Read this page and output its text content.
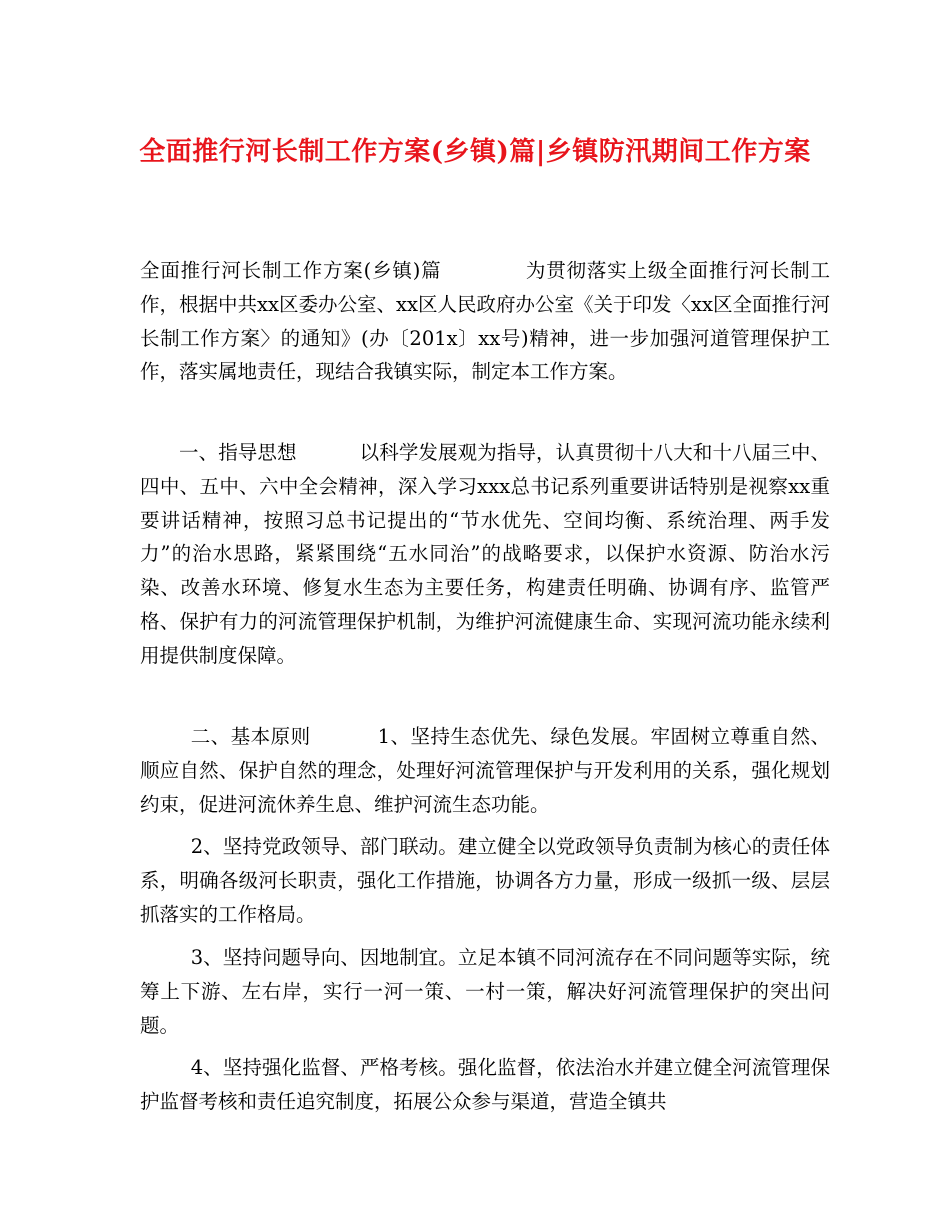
全面推行河长制工作方案(乡镇)篇|乡镇防汛期间工作方案
全面推行河长制工作方案(乡镇)篇            为贯彻落实上级全面推行河长制工作，根据中共xx区委办公室、xx区人民政府办公室《关于印发〈xx区全面推行河长制工作方案〉的通知》(办〔201x〕xx号)精神，进一步加强河道管理保护工作，落实属地责任，现结合我镇实际，制定本工作方案。
一、指导思想          以科学发展观为指导，认真贯彻十八大和十八届三中、四中、五中、六中全会精神，深入学习xxx总书记系列重要讲话特别是视察xx重要讲话精神，按照习总书记提出的“节水优先、空间均衡、系统治理、两手发力”的治水思路，紧紧围绕“五水同治”的战略要求，以保护水资源、防治水污染、改善水环境、修复水生态为主要任务，构建责任明确、协调有序、监管严格、保护有力的河流管理保护机制，为维护河流健康生命、实现河流功能永续利用提供制度保障。
二、基本原则          1、坚持生态优先、绿色发展。牢固树立尊重自然、顺应自然、保护自然的理念，处理好河流管理保护与开发利用的关系，强化规划约束，促进河流休养生息、维护河流生态功能。
2、坚持党政领导、部门联动。建立健全以党政领导负责制为核心的责任体系，明确各级河长职责，强化工作措施，协调各方力量，形成一级抓一级、层层抓落实的工作格局。
3、坚持问题导向、因地制宜。立足本镇不同河流存在不同问题等实际，统筹上下游、左右岸，实行一河一策、一村一策，解决好河流管理保护的突出问题。
4、坚持强化监督、严格考核。强化监督，依法治水并建立健全河流管理保护监督考核和责任追究制度，拓展公众参与渠道，营造全镇共
